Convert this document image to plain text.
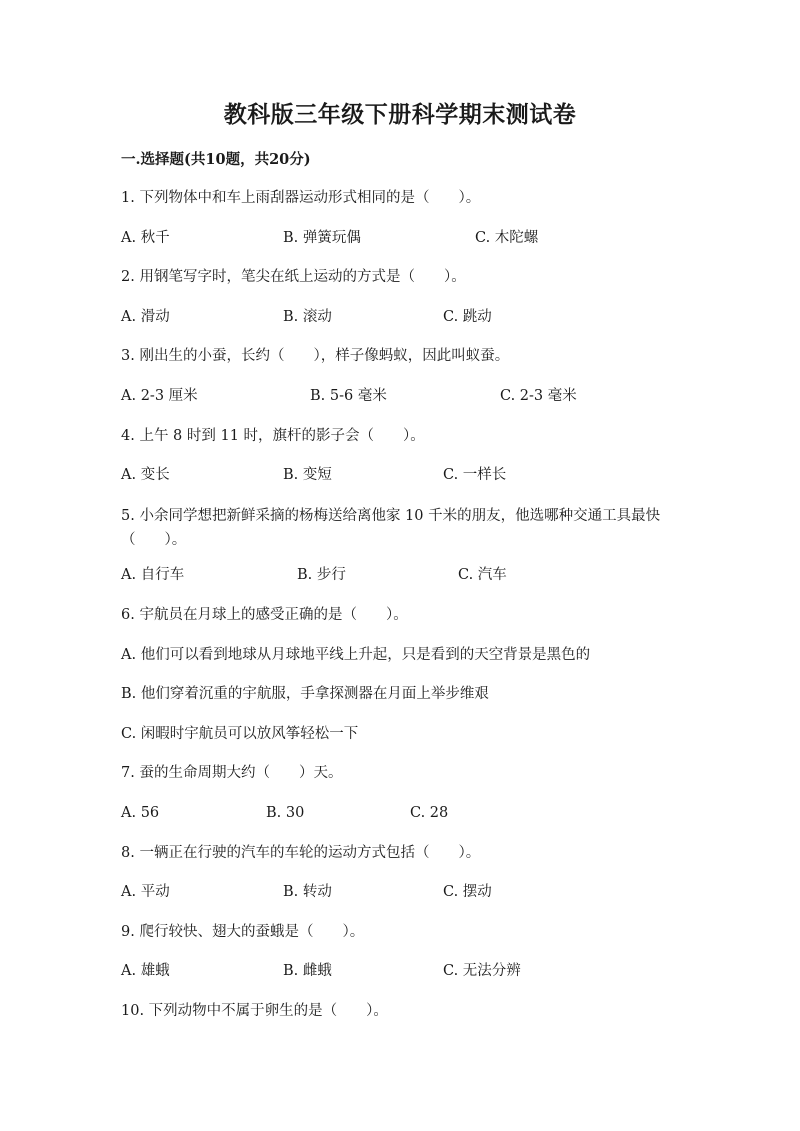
教科版三年级下册科学期末测试卷
一.选择题(共10题，共20分)
1. 下列物体中和车上雨刮器运动形式相同的是（　　）。
A. 秋千	B. 弹簧玩偶	C. 木陀螺
2. 用钢笔写字时，笔尖在纸上运动的方式是（　　）。
A. 滑动	B. 滚动	C. 跳动
3. 刚出生的小蚕，长约（　　），样子像蚂蚁，因此叫蚁蚕。
A. 2-3 厘米	B. 5-6 毫米	C. 2-3 毫米
4. 上午 8 时到 11 时，旗杆的影子会（　　）。
A. 变长	B. 变短	C. 一样长
5. 小余同学想把新鲜采摘的杨梅送给离他家 10 千米的朋友，他选哪种交通工具最快（　　）。
A. 自行车	B. 步行	C. 汽车
6. 宇航员在月球上的感受正确的是（　　）。
A. 他们可以看到地球从月球地平线上升起，只是看到的天空背景是黑色的
B. 他们穿着沉重的宇航服，手拿探测器在月面上举步维艰
C. 闲暇时宇航员可以放风筝轻松一下
7. 蚕的生命周期大约（　　）天。
A. 56	B. 30	C. 28
8. 一辆正在行驶的汽车的车轮的运动方式包括（　　）。
A. 平动	B. 转动	C. 摆动
9. 爬行较快、翅大的蚕蛾是（　　）。
A. 雄蛾	B. 雌蛾	C. 无法分辨
10. 下列动物中不属于卵生的是（　　）。
